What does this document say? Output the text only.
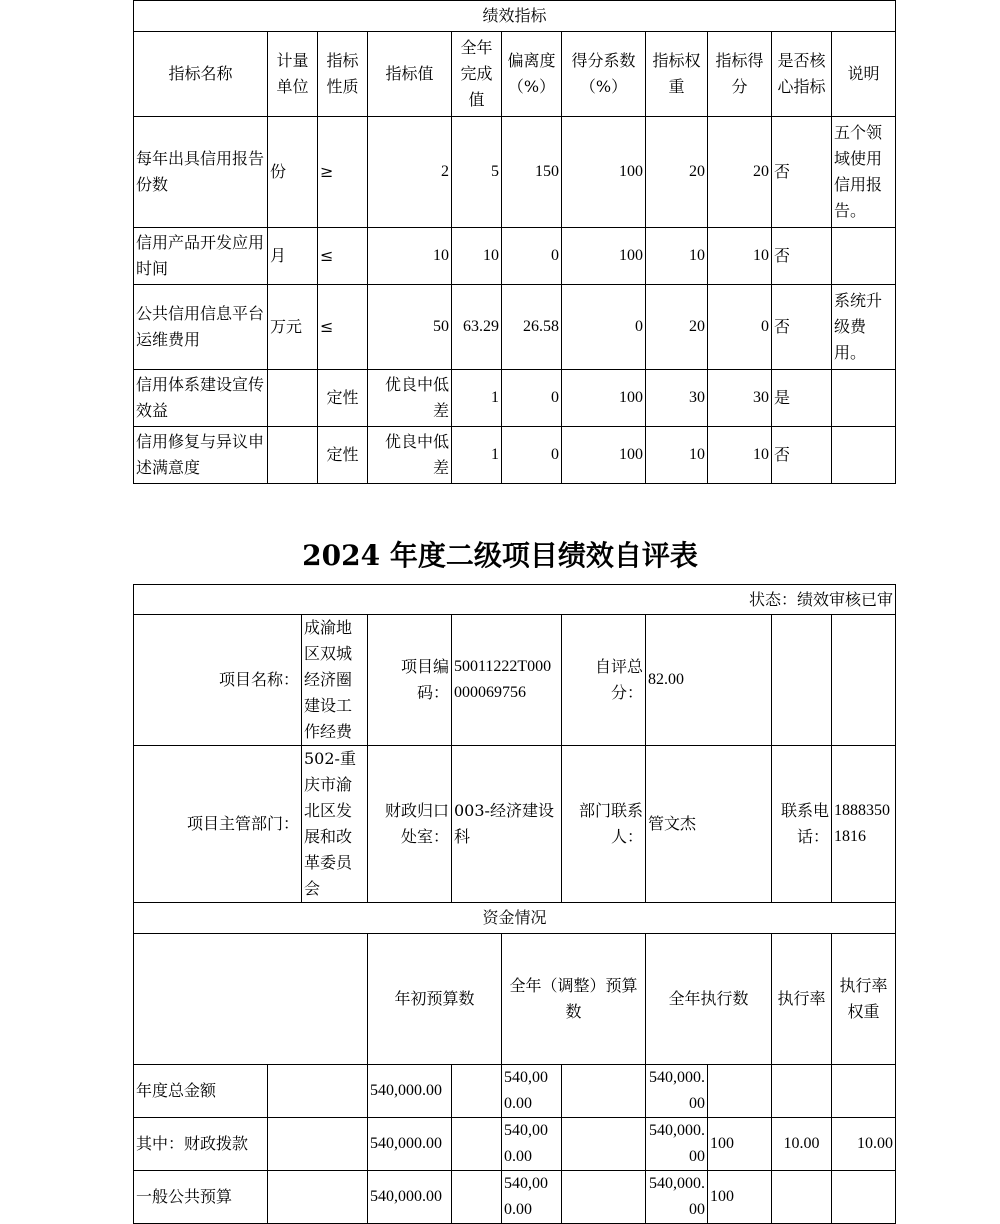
绩效指标										
指标名称	计量单位	指标性质	指标值	全年完成值	偏离度（%）	得分系数（%）	指标权重	指标得分	是否核心指标	说明
每年出具信用报告份数	份	≥	2	5	150	100	20	20	否	五个领域使用信用报告。
信用产品开发应用时间	月	≤	10	10	0	100	10	10	否	
公共信用信息平台运维费用	万元	≤	50	63.29	26.58	0	20	0	否	系统升级费用。
信用体系建设宣传效益		定性	优良中低差	1	0	100	30	30	是	
信用修复与异议申述满意度		定性	优良中低差	1	0	100	10	10	否	
2024 年度二级项目绩效自评表
状态：绩效审核已审											
项目名称：		成渝地区双城经济圈建设工作经费	项目编码：	50011222T000000069756		自评总分：	82.00				
项目主管部门：		502-重庆市渝北区发展和改革委员会	财政归口处室：	003-经济建设科		部门联系人：	管文杰		联系电话：	18883501816	
资金情况											
			年初预算数		全年（调整）预算数		全年执行数		执行率	执行率权重	
年度总金额			540,000.00		540,000.00		540,000.00				
其中：财政拨款			540,000.00		540,000.00		540,000.00	100	10.00	10.00	
一般公共预算			540,000.00		540,000.00		540,000.00	100			
